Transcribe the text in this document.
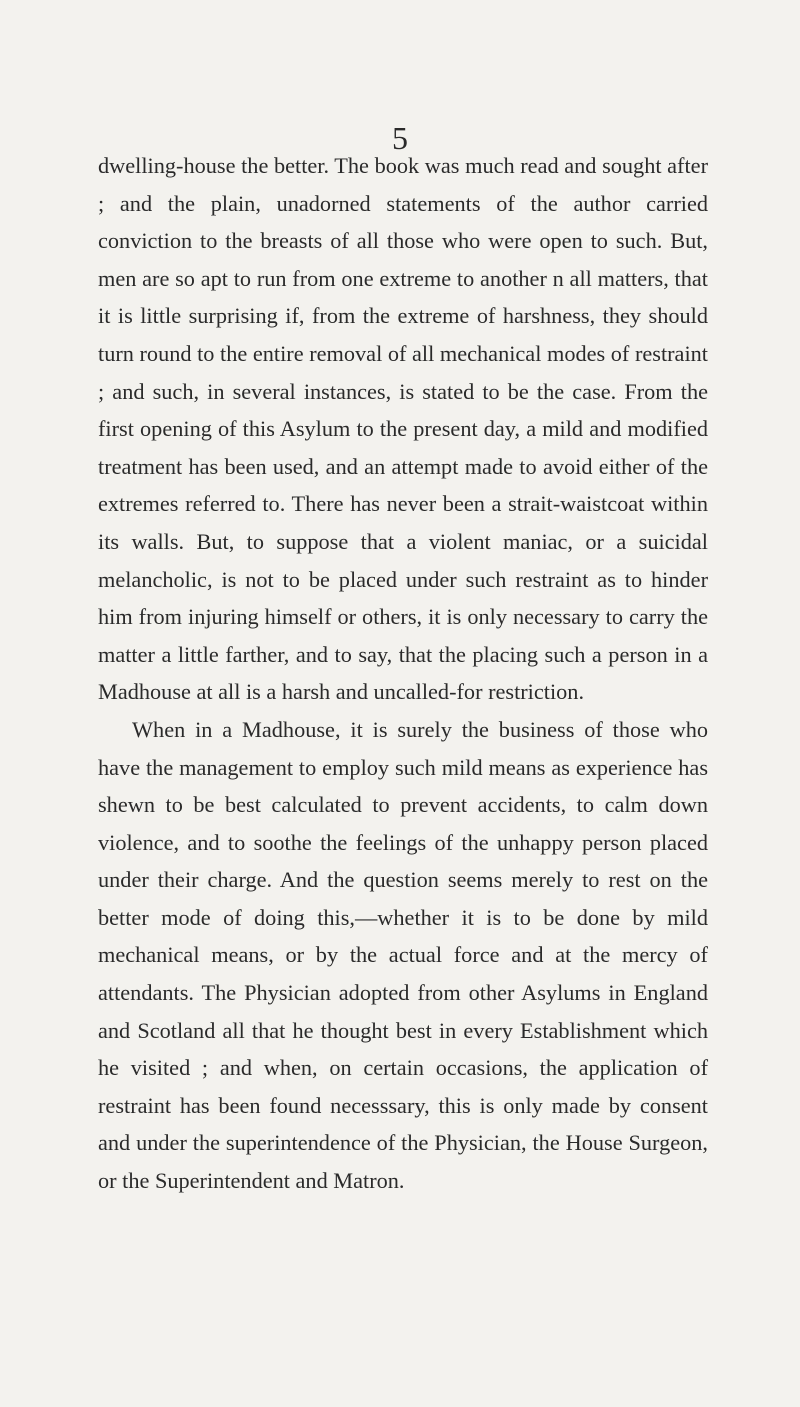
5

dwelling-house the better. The book was much read and sought after ; and the plain, unadorned statements of the author carried conviction to the breasts of all those who were open to such. But, men are so apt to run from one extreme to another n all matters, that it is little surprising if, from the extreme of harshness, they should turn round to the entire removal of all mechanical modes of restraint ; and such, in several instances, is stated to be the case. From the first opening of this Asylum to the present day, a mild and modified treatment has been used, and an attempt made to avoid either of the extremes referred to. There has never been a strait-waistcoat within its walls. But, to suppose that a violent maniac, or a suicidal melancholic, is not to be placed under such restraint as to hinder him from injuring himself or others, it is only necessary to carry the matter a little farther, and to say, that the placing such a person in a Madhouse at all is a harsh and uncalled-for restriction.

When in a Madhouse, it is surely the business of those who have the management to employ such mild means as experience has shewn to be best calculated to prevent accidents, to calm down violence, and to soothe the feelings of the unhappy person placed under their charge. And the question seems merely to rest on the better mode of doing this,—whether it is to be done by mild mechanical means, or by the actual force and at the mercy of attendants. The Physician adopted from other Asylums in England and Scotland all that he thought best in every Establishment which he visited ; and when, on certain occasions, the application of restraint has been found necesssary, this is only made by consent and under the superintendence of the Physician, the House Surgeon, or the Superintendent and Matron.
